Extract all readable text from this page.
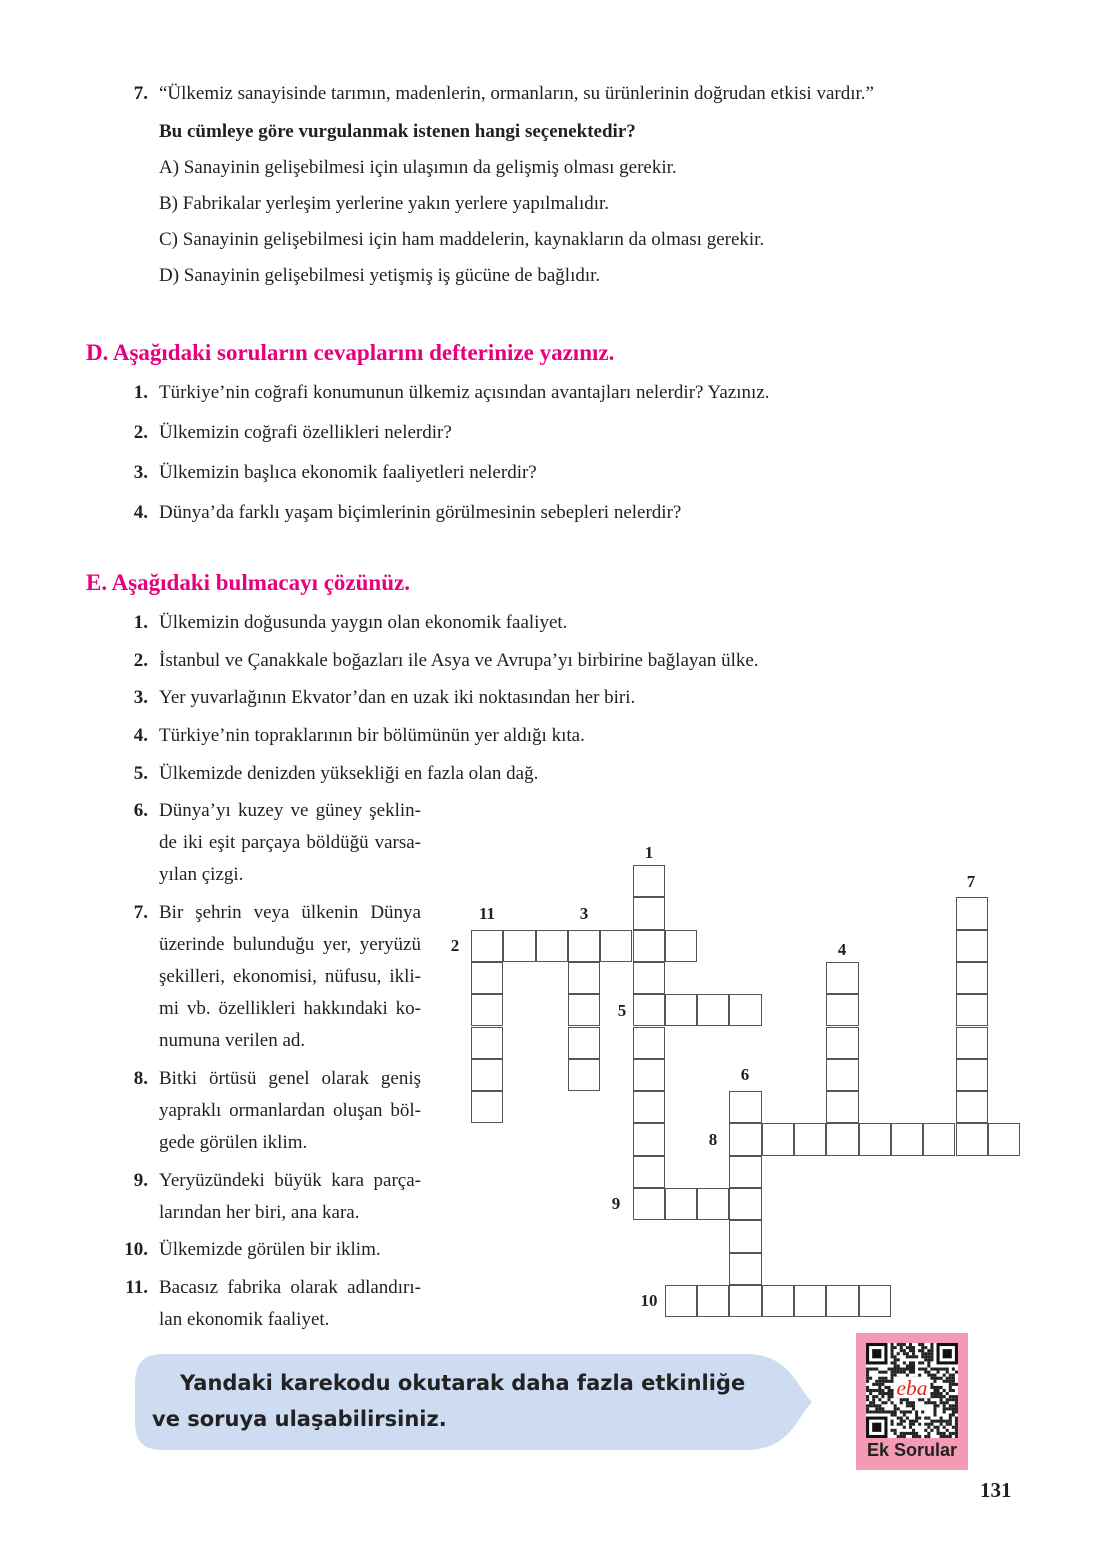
7. “Ülkemiz sanayisinde tarımın, madenlerin, ormanların, su ürünlerinin doğrudan etkisi vardır.”
Bu cümleye göre vurgulanmak istenen hangi seçenektedir?
A) Sanayinin gelişebilmesi için ulaşımın da gelişmiş olması gerekir.
B) Fabrikalar yerleşim yerlerine yakın yerlere yapılmalıdır.
C) Sanayinin gelişebilmesi için ham maddelerin, kaynakların da olması gerekir.
D) Sanayinin gelişebilmesi yetişmiş iş gücüne de bağlıdır.
D. Aşağıdaki soruların cevaplarını defterinize yazınız.
1. Türkiye’nin coğrafi konumunun ülkemiz açısından avantajları nelerdir? Yazınız.
2. Ülkemizin coğrafi özellikleri nelerdir?
3. Ülkemizin başlıca ekonomik faaliyetleri nelerdir?
4. Dünya’da farklı yaşam biçimlerinin görülmesinin sebepleri nelerdir?
E. Aşağıdaki bulmacayı çözünüz.
1. Ülkemizin doğusunda yaygın olan ekonomik faaliyet.
2. İstanbul ve Çanakkale boğazları ile Asya ve Avrupa’yı birbirine bağlayan ülke.
3. Yer yuvarlağının Ekvator’dan en uzak iki noktasından her biri.
4. Türkiye’nin topraklarının bir bölümünün yer aldığı kıta.
5. Ülkemizde denizden yüksekliği en fazla olan dağ.
6. Dünya’yı kuzey ve güney şeklin-
de iki eşit parçaya böldüğü varsa-
yılan çizgi.
7. Bir şehrin veya ülkenin Dünya
üzerinde bulunduğu yer, yeryüzü
şekilleri, ekonomisi, nüfusu, ikli-
mi vb. özellikleri hakkındaki ko-
numuna verilen ad.
8. Bitki örtüsü genel olarak geniş
yapraklı ormanlardan oluşan böl-
gede görülen iklim.
9. Yeryüzündeki büyük kara parça-
larından her biri, ana kara.
10. Ülkemizde görülen bir iklim.
11. Bacasız fabrika olarak adlandırı-
lan ekonomik faaliyet.
1
2
3
4
5
6
7
8
9
10
11
Yandaki karekodu okutarak daha fazla etkinliğe
ve soruya ulaşabilirsiniz.
eba
Ek Sorular
131
